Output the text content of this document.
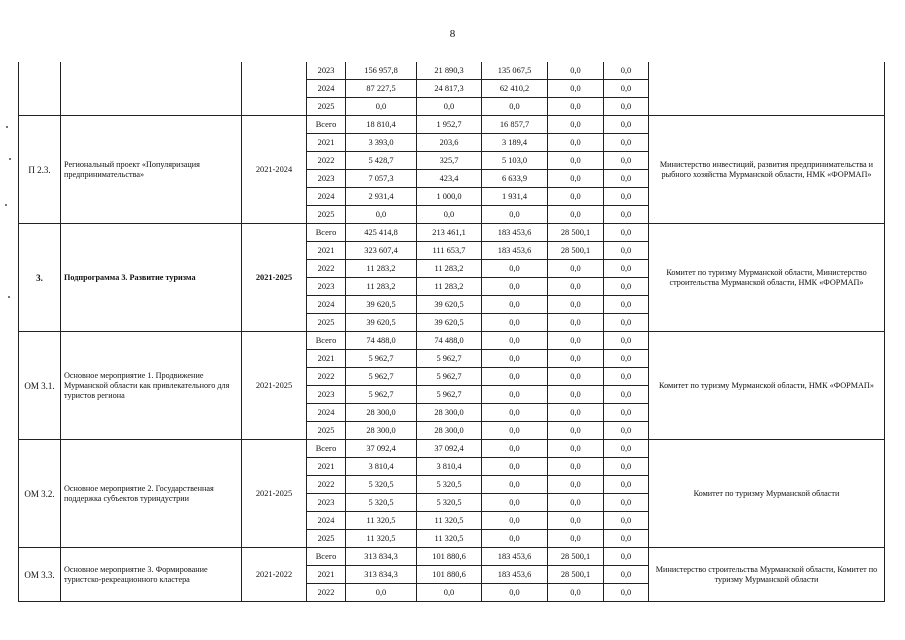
8
			2023	156 957,8	21 890,3	135 067,5	0,0	0,0	
			2024	87 227,5	24 817,3	62 410,2	0,0	0,0	
			2025	0,0	0,0	0,0	0,0	0,0	
П 2.3.	Региональный проект «Популяризация предпринимательства»	2021-2024	Всего	18 810,4	1 952,7	16 857,7	0,0	0,0	Министерство инвестиций, развития предпринимательства и рыбного хозяйства Мурманской области, НМК «ФОРМАП»
			2021	3 393,0	203,6	3 189,4	0,0	0,0	
			2022	5 428,7	325,7	5 103,0	0,0	0,0	
			2023	7 057,3	423,4	6 633,9	0,0	0,0	
			2024	2 931,4	1 000,0	1 931,4	0,0	0,0	
			2025	0,0	0,0	0,0	0,0	0,0	
3.	Подпрограмма 3. Развитие туризма	2021-2025	Всего	425 414,8	213 461,1	183 453,6	28 500,1	0,0	Комитет по туризму Мурманской области, Министерство строительства Мурманской области, НМК «ФОРМАП»
			2021	323 607,4	111 653,7	183 453,6	28 500,1	0,0	
			2022	11 283,2	11 283,2	0,0	0,0	0,0	
			2023	11 283,2	11 283,2	0,0	0,0	0,0	
			2024	39 620,5	39 620,5	0,0	0,0	0,0	
			2025	39 620,5	39 620,5	0,0	0,0	0,0	
ОМ 3.1.	Основное мероприятие 1. Продвижение Мурманской области как привлекательного для туристов региона	2021-2025	Всего	74 488,0	74 488,0	0,0	0,0	0,0	Комитет по туризму Мурманской области, НМК «ФОРМАП»
			2021	5 962,7	5 962,7	0,0	0,0	0,0	
			2022	5 962,7	5 962,7	0,0	0,0	0,0	
			2023	5 962,7	5 962,7	0,0	0,0	0,0	
			2024	28 300,0	28 300,0	0,0	0,0	0,0	
			2025	28 300,0	28 300,0	0,0	0,0	0,0	
ОМ 3.2.	Основное мероприятие 2. Государственная поддержка субъектов туриндустрии	2021-2025	Всего	37 092,4	37 092,4	0,0	0,0	0,0	Комитет по туризму Мурманской области
			2021	3 810,4	3 810,4	0,0	0,0	0,0	
			2022	5 320,5	5 320,5	0,0	0,0	0,0	
			2023	5 320,5	5 320,5	0,0	0,0	0,0	
			2024	11 320,5	11 320,5	0,0	0,0	0,0	
			2025	11 320,5	11 320,5	0,0	0,0	0,0	
ОМ 3.3.	Основное мероприятие 3. Формирование туристско-рекреационного кластера	2021-2022	Всего	313 834,3	101 880,6	183 453,6	28 500,1	0,0	Министерство строительства Мурманской области, Комитет по туризму Мурманской области
			2021	313 834,3	101 880,6	183 453,6	28 500,1	0,0	
			2022	0,0	0,0	0,0	0,0	0,0	
